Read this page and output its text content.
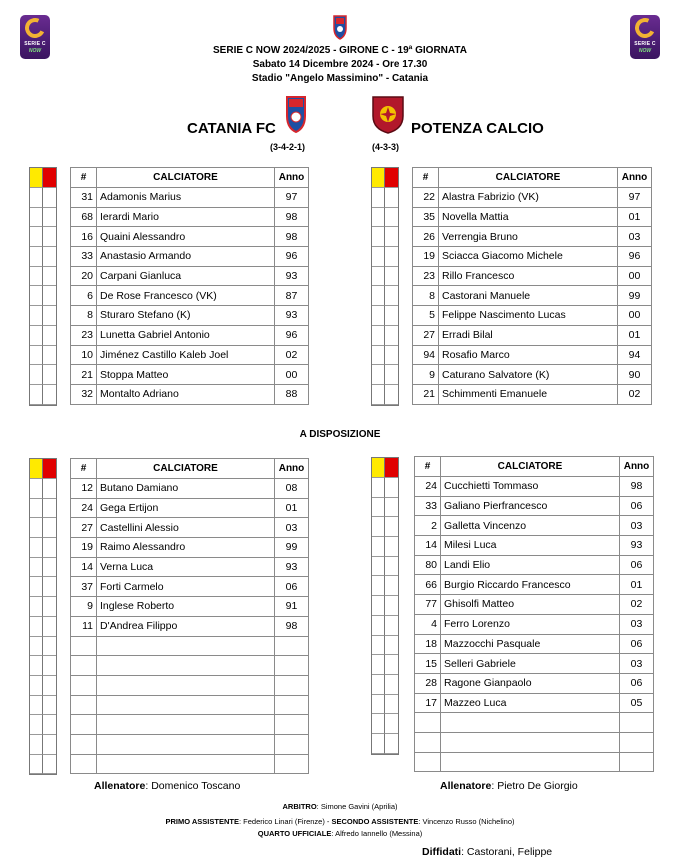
SERIE C
NOW
SERIE C
NOW
SERIE C NOW 2024/2025 - GIRONE C - 19ª GIORNATA
Sabato 14 Dicembre 2024 - Ore 17.30
Stadio "Angelo Massimino" - Catania
CATANIA FC
(3-4-2-1)
POTENZA CALCIO
(4-3-3)
#	CALCIATORE	Anno
31	Adamonis Marius	97
68	Ierardi Mario	98
16	Quaini Alessandro	98
33	Anastasio Armando	96
20	Carpani Gianluca	93
6	De Rose Francesco (VK)	87
8	Sturaro Stefano (K)	93
23	Lunetta Gabriel Antonio	96
10	Jiménez Castillo Kaleb Joel	02
21	Stoppa Matteo	00
32	Montalto Adriano	88
#	CALCIATORE	Anno
22	Alastra Fabrizio (VK)	97
35	Novella Mattia	01
26	Verrengia Bruno	03
19	Sciacca Giacomo Michele	96
23	Rillo Francesco	00
8	Castorani Manuele	99
5	Felippe Nascimento Lucas	00
27	Erradi Bilal	01
94	Rosafio Marco	94
9	Caturano Salvatore (K)	90
21	Schimmenti Emanuele	02
A DISPOSIZIONE
#	CALCIATORE	Anno
12	Butano Damiano	08
24	Gega Ertijon	01
27	Castellini Alessio	03
19	Raimo Alessandro	99
14	Verna Luca	93
37	Forti Carmelo	06
9	Inglese Roberto	91
11	D'Andrea Filippo	98

#	CALCIATORE	Anno
24	Cucchietti Tommaso	98
33	Galiano Pierfrancesco	06
2	Galletta Vincenzo	03
14	Milesi Luca	93
80	Landi Elio	06
66	Burgio Riccardo Francesco	01
77	Ghisolfi Matteo	02
4	Ferro Lorenzo	03
18	Mazzocchi Pasquale	06
15	Selleri Gabriele	03
28	Ragone Gianpaolo	06
17	Mazzeo Luca	05

Allenatore: Domenico Toscano	Allenatore: Pietro De Giorgio
ARBITRO: Simone Gavini (Aprilia)
PRIMO ASSISTENTE: Federico Linari (Firenze) - SECONDO ASSISTENTE: Vincenzo Russo (Nichelino)
QUARTO UFFICIALE: Alfredo Iannello (Messina)
Diffidati: Castorani, Felippe
